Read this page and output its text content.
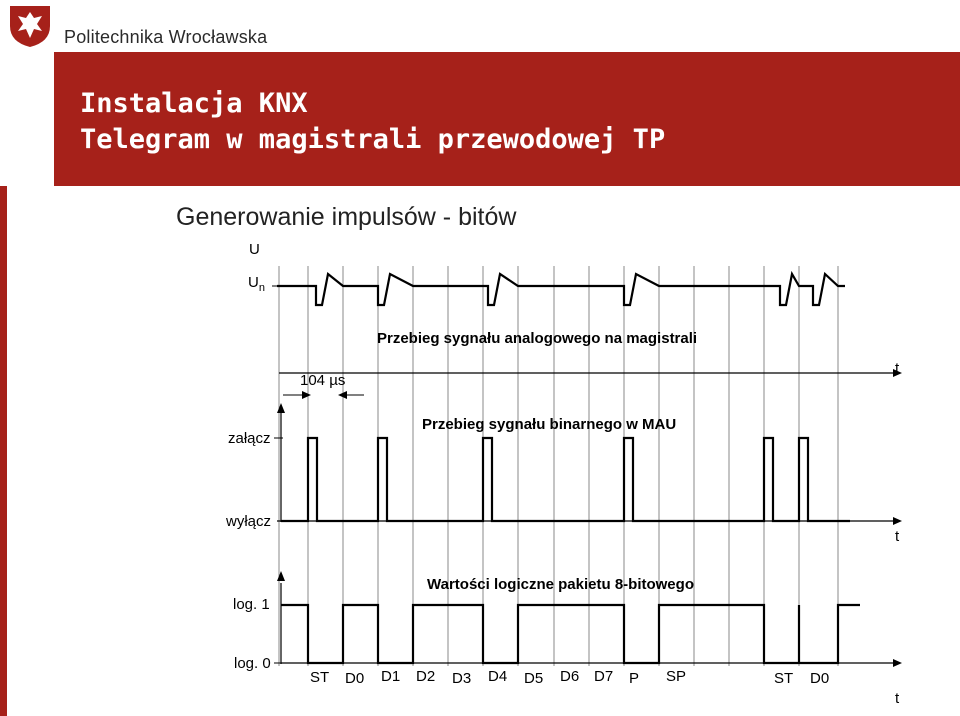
Politechnika Wrocławska
Instalacja KNX
Telegram w magistrali przewodowej TP
Generowanie impulsów - bitów
U
$U_n$
Przebieg sygnału analogowego na magistrali
104 µs
t
załącz
wyłącz
Przebieg sygnału binarnego w MAU
t
log. 1
log. 0
Wartości logiczne pakietu 8-bitowego
t
ST D0 D1 D2 D3 D4 D5 D6 D7 P SP	ST D0
